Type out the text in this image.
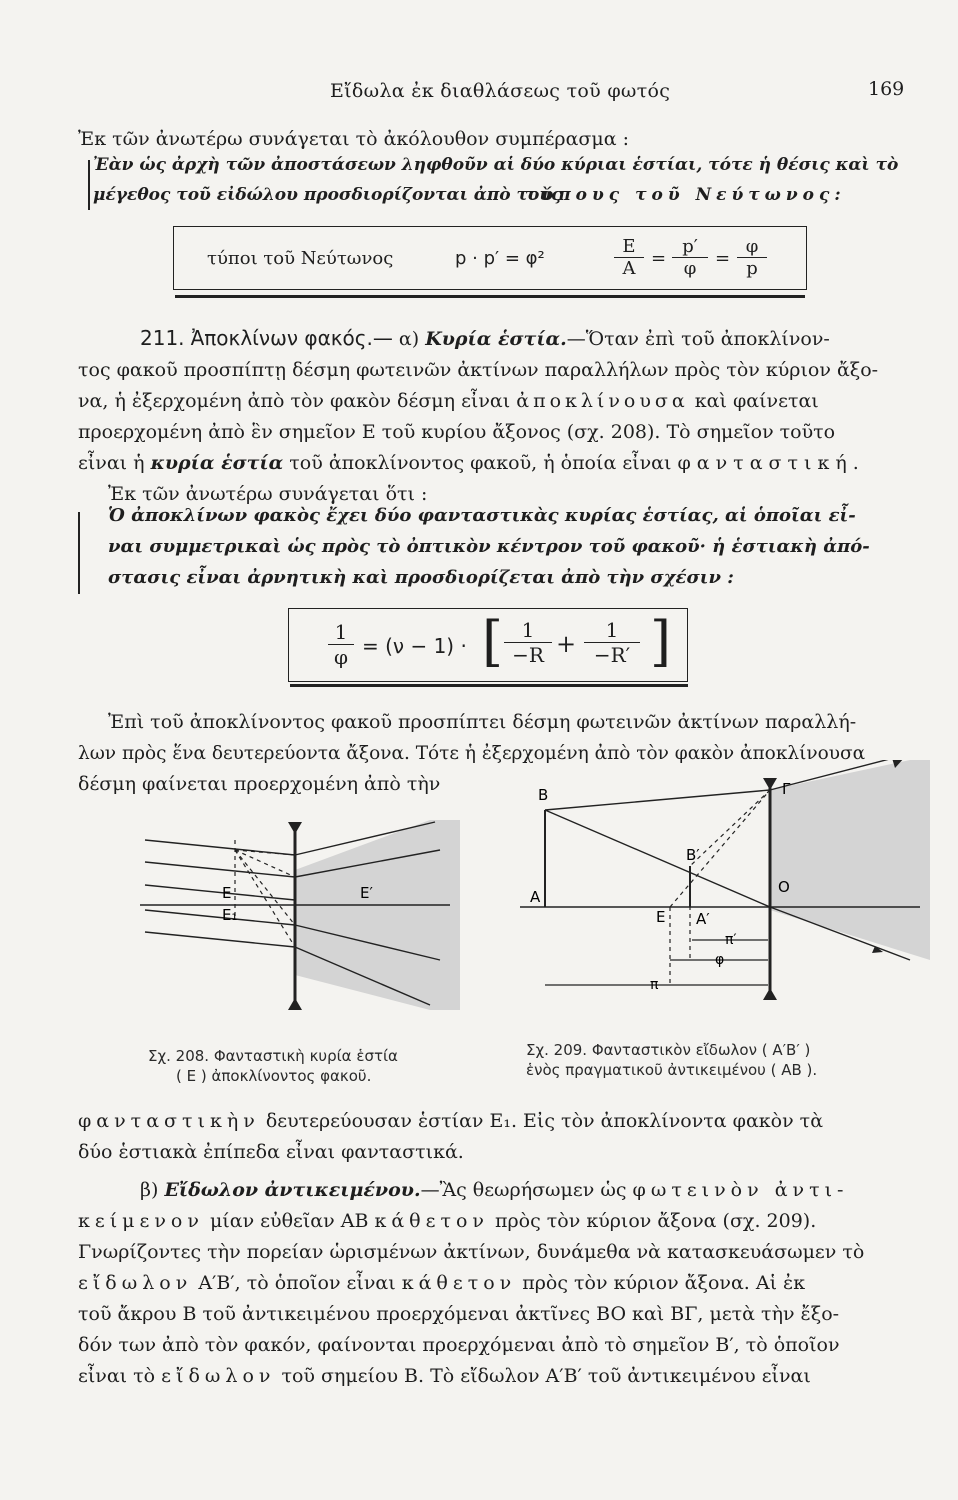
Εἴδωλα ἐκ διαθλάσεως τοῦ φωτός	169
Ἐκ τῶν ἀνωτέρω συνάγεται τὸ ἀκόλουθον συμπέρασμα :
Ἐὰν ὡς ἀρχὴ τῶν ἀποστάσεων ληφθοῦν αἱ δύο κύριαι ἑστίαι, τότε ἡ θέσις καὶ τὸ
μέγεθος τοῦ εἰδώλου προσδιορίζονται ἀπὸ τοὺς
τύπους τοῦ Νεύτωνος:
τύποι τοῦ Νεύτωνος	p · p′ = φ²	$\frac{E}{A} = \frac{p'}{\varphi} = \frac{\varphi}{p}$
211. Ἀποκλίνων φακός.— α) Κυρία ἑστία.—Ὅταν ἐπὶ τοῦ ἀποκλίνον-
τος φακοῦ προσπίπτῃ δέσμη φωτεινῶν ἀκτίνων παραλλήλων πρὸς τὸν κύριον ἄξο-
να, ἡ ἐξερχομένη ἀπὸ τὸν φακὸν δέσμη εἶναι ἀποκλίνουσα καὶ φαίνεται
προερχομένη ἀπὸ ἓν σημεῖον E τοῦ κυρίου ἄξονος (σχ. 208). Τὸ σημεῖον τοῦτο
εἶναι ἡ κυρία ἑστία τοῦ ἀποκλίνοντος φακοῦ, ἡ ὁποία εἶναι φανταστική.
Ἐκ τῶν ἀνωτέρω συνάγεται ὅτι :
Ὁ ἀποκλίνων φακὸς ἔχει δύο φανταστικὰς κυρίας ἑστίας, αἱ ὁποῖαι εἶ-
ναι συμμετρικαὶ ὡς πρὸς τὸ ὀπτικὸν κέντρον τοῦ φακοῦ· ἡ ἑστιακὴ ἀπό-
στασις εἶναι ἀρνητικὴ καὶ προσδιορίζεται ἀπὸ τὴν σχέσιν :
$\frac{1}{\varphi} = (\nu - 1)$ · [ $\frac{1}{-R} + \frac{1}{-R'}$ ]
Ἐπὶ τοῦ ἀποκλίνοντος φακοῦ προσπίπτει δέσμη φωτεινῶν ἀκτίνων παραλλή-
λων πρὸς ἕνα δευτερεύοντα ἄξονα. Τότε ἡ ἐξερχομένη ἀπὸ τὸν φακὸν ἀποκλίνουσα
δέσμη φαίνεται προερχομένη ἀπὸ τὴν
E
E₁
E′
B	Γ
B′
A
O
E A′
π′
φ
π
Σχ. 208. Φανταστικὴ κυρία ἑστία
( E ) ἀποκλίνοντος φακοῦ.
Σχ. 209. Φανταστικὸν εἴδωλον ( A′B′ )
ἑνὸς πραγματικοῦ ἀντικειμένου ( AB ).
φανταστικὴν δευτερεύουσαν ἑστίαν E₁. Εἰς τὸν ἀποκλίνοντα φακὸν τὰ
δύο ἑστιακὰ ἐπίπεδα εἶναι φανταστικά.
β) Εἴδωλον ἀντικειμένου.—Ἂς θεωρήσωμεν ὡς φωτεινὸν ἀντι-
κείμενον μίαν εὐθεῖαν AB κάθετον πρὸς τὸν κύριον ἄξονα (σχ. 209).
Γνωρίζοντες τὴν πορείαν ὡρισμένων ἀκτίνων, δυνάμεθα νὰ κατασκευάσωμεν τὸ
εἴδωλον A′B′, τὸ ὁποῖον εἶναι κάθετον πρὸς τὸν κύριον ἄξονα. Αἱ ἐκ
τοῦ ἄκρου B τοῦ ἀντικειμένου προερχόμεναι ἀκτῖνες BO καὶ BΓ, μετὰ τὴν ἔξο-
δόν των ἀπὸ τὸν φακόν, φαίνονται προερχόμεναι ἀπὸ τὸ σημεῖον B′, τὸ ὁποῖον
εἶναι τὸ εἴδωλον τοῦ σημείου B. Τὸ εἴδωλον A′B′ τοῦ ἀντικειμένου εἶναι
